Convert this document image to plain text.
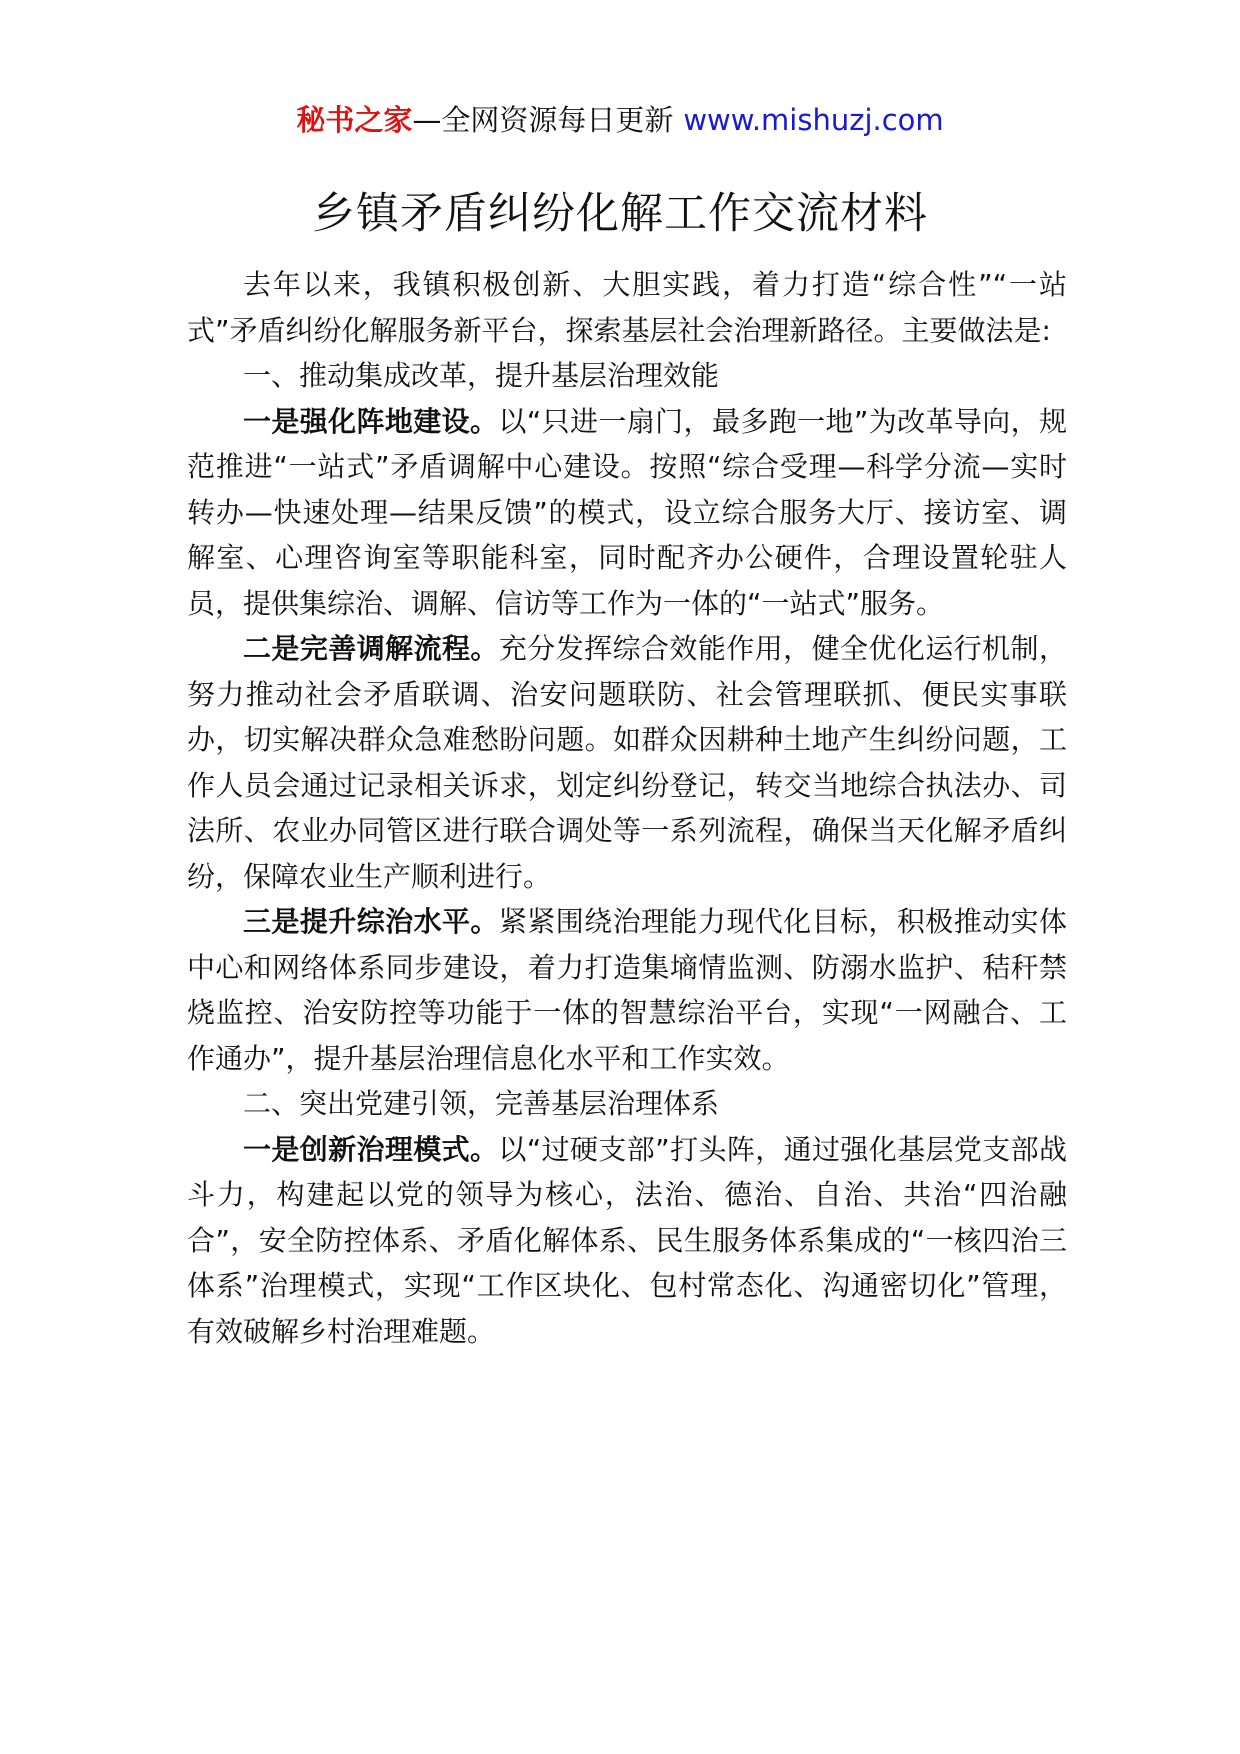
秘书之家—全网资源每日更新 www.mishuzj.com
乡镇矛盾纠纷化解工作交流材料

去年以来，我镇积极创新、大胆实践，着力打造“综合性”“一站式”矛盾纠纷化解服务新平台，探索基层社会治理新路径。主要做法是:

一、推动集成改革，提升基层治理效能

一是强化阵地建设。以“只进一扇门，最多跑一地”为改革导向，规范推进“一站式”矛盾调解中心建设。按照“综合受理—科学分流—实时转办—快速处理—结果反馈”的模式，设立综合服务大厅、接访室、调解室、心理咨询室等职能科室，同时配齐办公硬件，合理设置轮驻人员，提供集综治、调解、信访等工作为一体的“一站式”服务。

二是完善调解流程。充分发挥综合效能作用，健全优化运行机制，努力推动社会矛盾联调、治安问题联防、社会管理联抓、便民实事联办，切实解决群众急难愁盼问题。如群众因耕种土地产生纠纷问题，工作人员会通过记录相关诉求，划定纠纷登记，转交当地综合执法办、司法所、农业办同管区进行联合调处等一系列流程，确保当天化解矛盾纠纷，保障农业生产顺利进行。

三是提升综治水平。紧紧围绕治理能力现代化目标，积极推动实体中心和网络体系同步建设，着力打造集墒情监测、防溺水监护、秸秆禁烧监控、治安防控等功能于一体的智慧综治平台，实现“一网融合、工作通办”，提升基层治理信息化水平和工作实效。

二、突出党建引领，完善基层治理体系

一是创新治理模式。以“过硬支部”打头阵，通过强化基层党支部战斗力，构建起以党的领导为核心，法治、德治、自治、共治“四治融合”，安全防控体系、矛盾化解体系、民生服务体系集成的“一核四治三体系”治理模式，实现“工作区块化、包村常态化、沟通密切化”管理，有效破解乡村治理难题。
